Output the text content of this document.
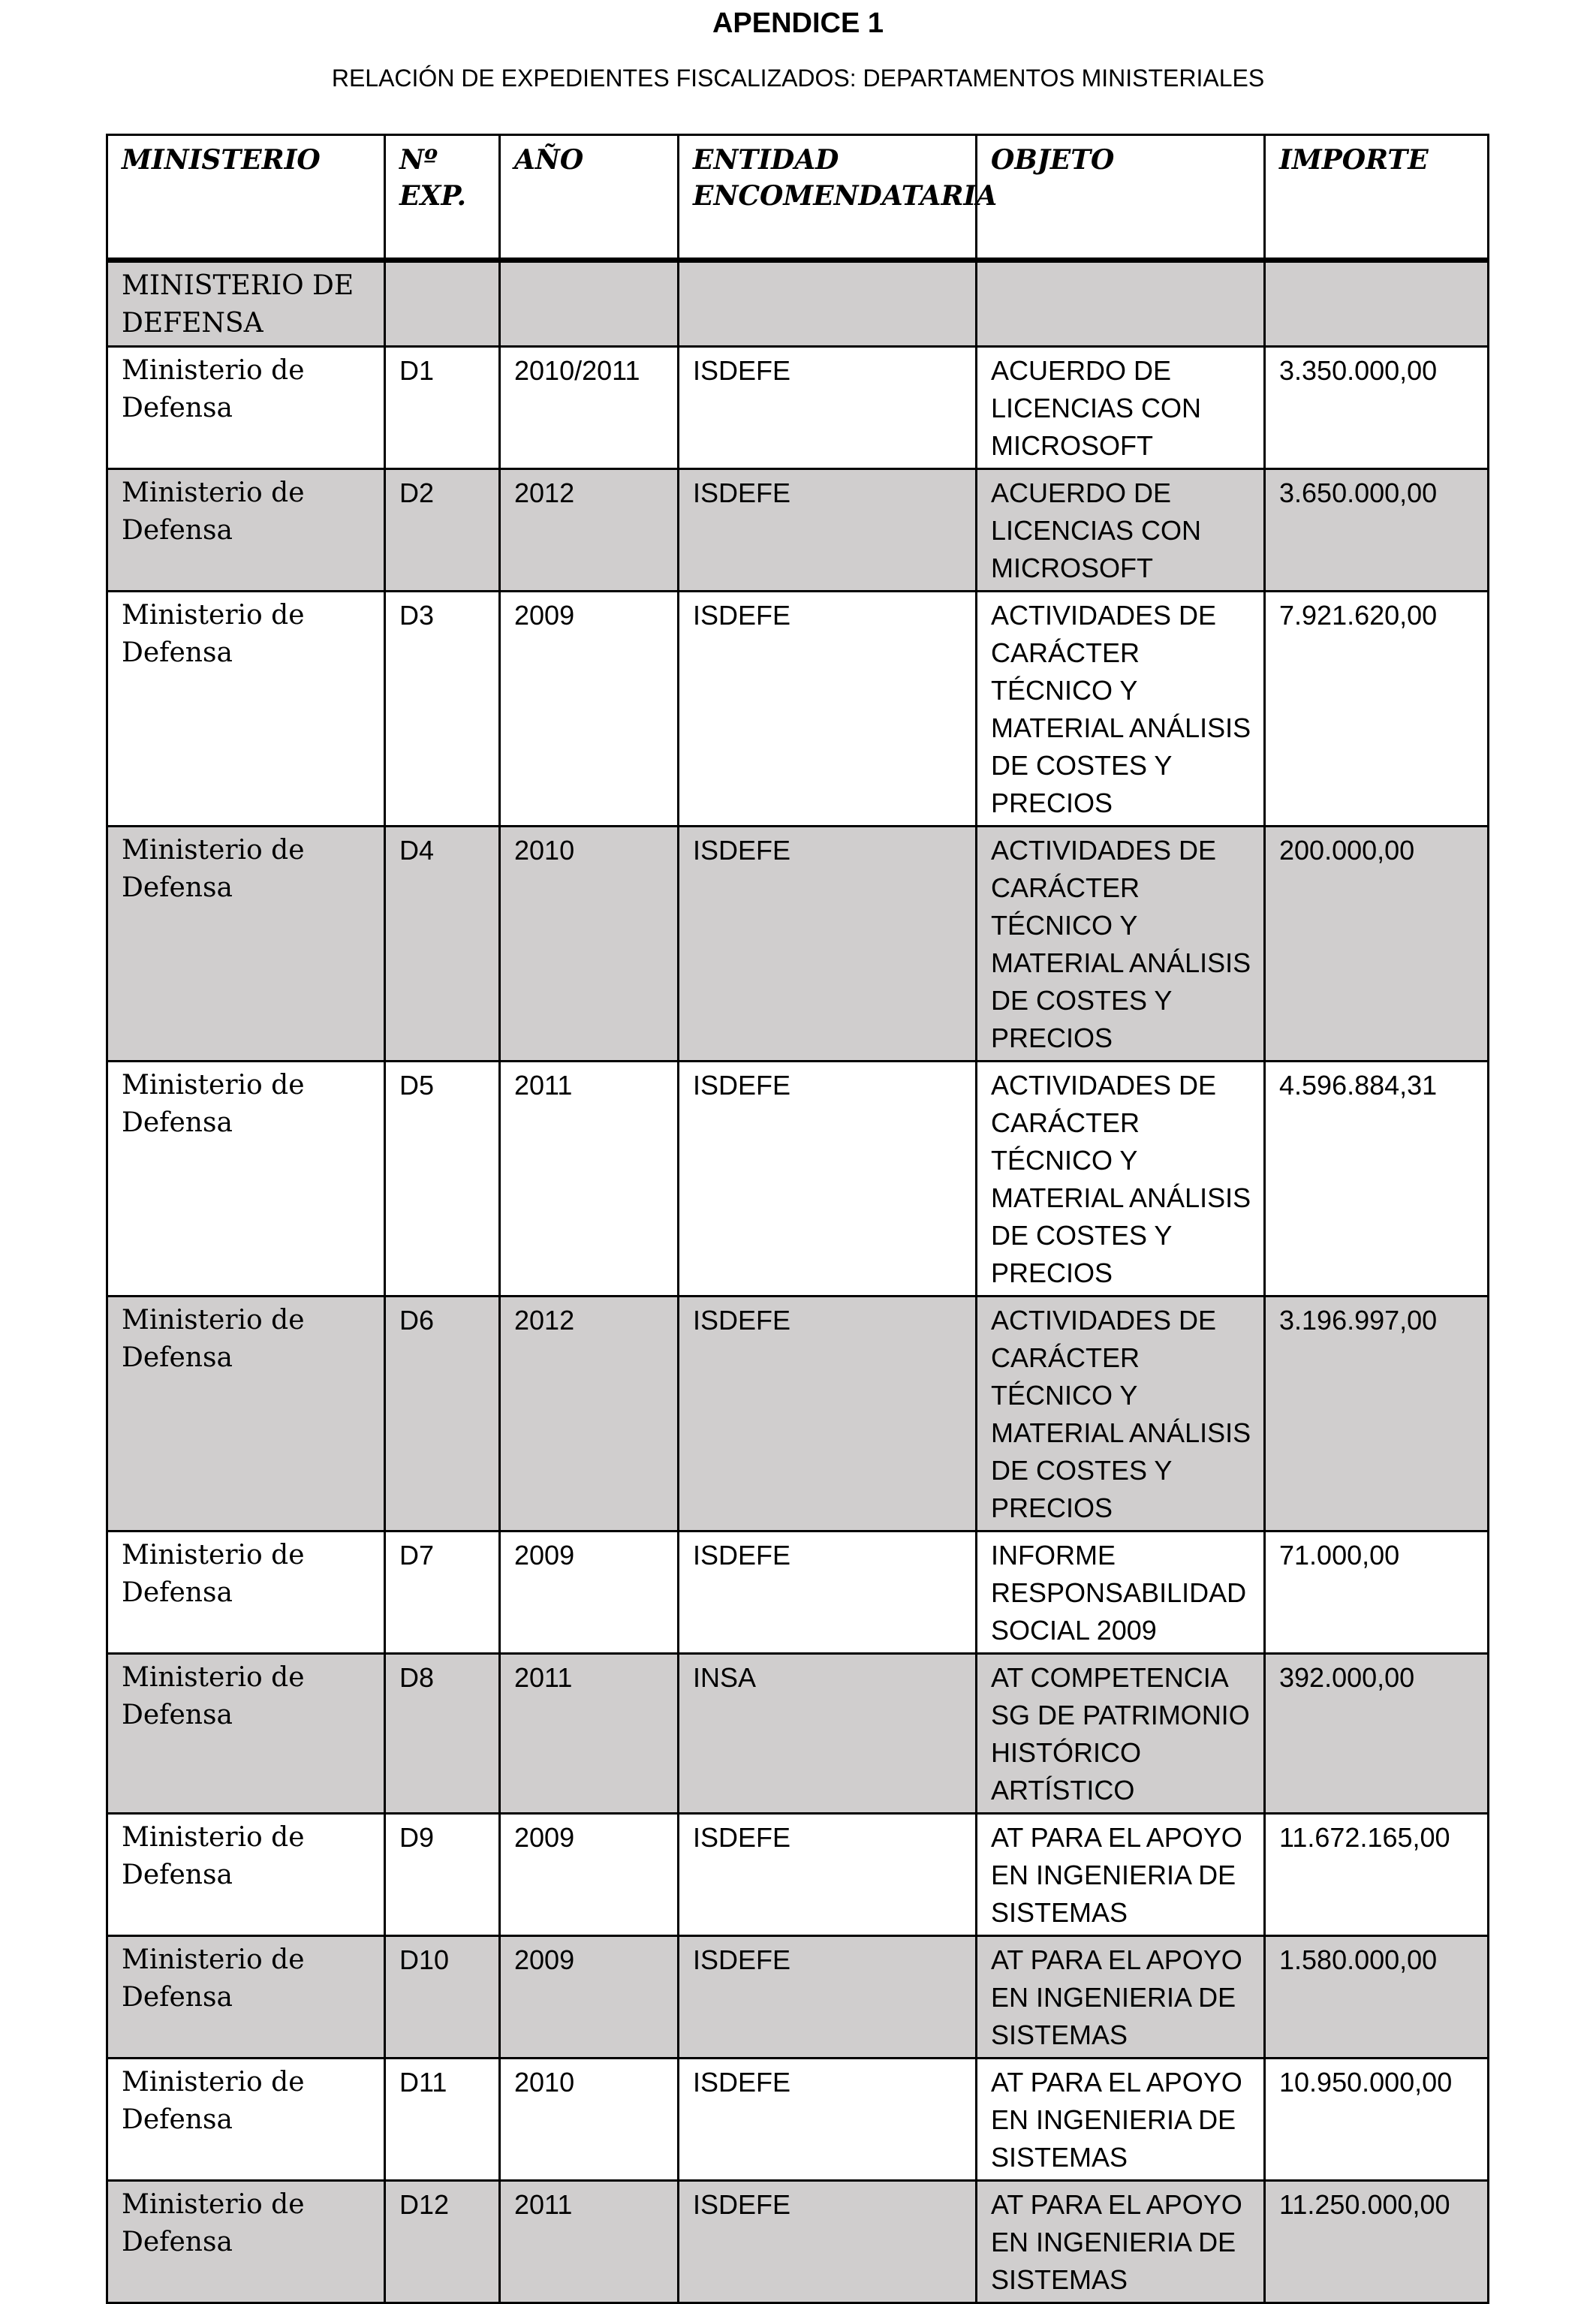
APENDICE 1
RELACIÓN DE EXPEDIENTES FISCALIZADOS: DEPARTAMENTOS MINISTERIALES
MINISTERIO	Nº EXP.	AÑO	ENTIDAD ENCOMENDATARIA	OBJETO	IMPORTE
MINISTERIO DE DEFENSA					
Ministerio de Defensa	D1	2010/2011	ISDEFE	ACUERDO DE LICENCIAS CON MICROSOFT	3.350.000,00
Ministerio de Defensa	D2	2012	ISDEFE	ACUERDO DE LICENCIAS CON MICROSOFT	3.650.000,00
Ministerio de Defensa	D3	2009	ISDEFE	ACTIVIDADES DE CARÁCTER TÉCNICO Y MATERIAL ANÁLISIS DE COSTES Y PRECIOS	7.921.620,00
Ministerio de Defensa	D4	2010	ISDEFE	ACTIVIDADES DE CARÁCTER TÉCNICO Y MATERIAL ANÁLISIS DE COSTES Y PRECIOS	200.000,00
Ministerio de Defensa	D5	2011	ISDEFE	ACTIVIDADES DE CARÁCTER TÉCNICO Y MATERIAL ANÁLISIS DE COSTES Y PRECIOS	4.596.884,31
Ministerio de Defensa	D6	2012	ISDEFE	ACTIVIDADES DE CARÁCTER TÉCNICO Y MATERIAL ANÁLISIS DE COSTES Y PRECIOS	3.196.997,00
Ministerio de Defensa	D7	2009	ISDEFE	INFORME RESPONSABILIDAD SOCIAL 2009	71.000,00
Ministerio de Defensa	D8	2011	INSA	AT COMPETENCIA SG DE PATRIMONIO HISTÓRICO ARTÍSTICO	392.000,00
Ministerio de Defensa	D9	2009	ISDEFE	AT PARA EL APOYO EN INGENIERIA DE SISTEMAS	11.672.165,00
Ministerio de Defensa	D10	2009	ISDEFE	AT PARA EL APOYO EN INGENIERIA DE SISTEMAS	1.580.000,00
Ministerio de Defensa	D11	2010	ISDEFE	AT PARA EL APOYO EN INGENIERIA DE SISTEMAS	10.950.000,00
Ministerio de Defensa	D12	2011	ISDEFE	AT PARA EL APOYO EN INGENIERIA DE SISTEMAS	11.250.000,00
